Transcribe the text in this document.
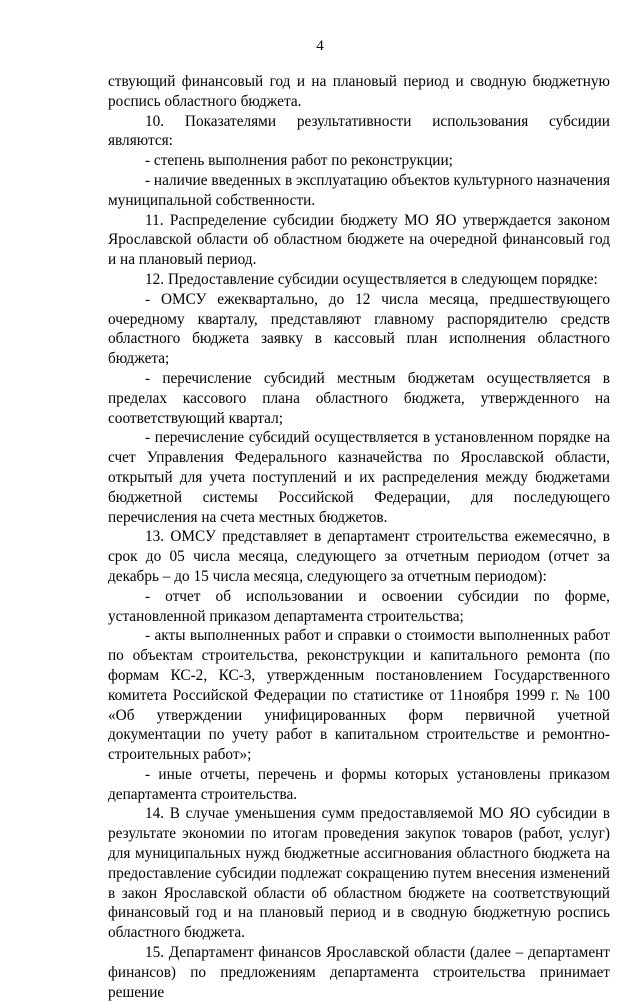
4

ствующий финансовый год и на плановый период и сводную бюджетную роспись областного бюджета.

10. Показателями результативности использования субсидии являются:

- степень выполнения работ по реконструкции;

- наличие введенных в эксплуатацию объектов культурного назначения муниципальной собственности.

11. Распределение субсидии бюджету МО ЯО утверждается законом Ярославской области об областном бюджете на очередной финансовый год и на плановый период.

12. Предоставление субсидии осуществляется в следующем порядке:

- ОМСУ ежеквартально, до 12 числа месяца, предшествующего очередному кварталу, представляют главному распорядителю средств областного бюджета заявку в кассовый план исполнения областного бюджета;

- перечисление субсидий местным бюджетам осуществляется в пределах кассового плана областного бюджета, утвержденного на соответствующий квартал;

- перечисление субсидий осуществляется в установленном порядке на счет Управления Федерального казначейства по Ярославской области, открытый для учета поступлений и их распределения между бюджетами бюджетной системы Российской Федерации, для последующего перечисления на счета местных бюджетов.

13. ОМСУ представляет в департамент строительства ежемесячно, в срок до 05 числа месяца, следующего за отчетным периодом (отчет за декабрь – до 15 числа месяца, следующего за отчетным периодом):

- отчет об использовании и освоении субсидии по форме, установленной приказом департамента строительства;

- акты выполненных работ и справки о стоимости выполненных работ по объектам строительства, реконструкции и капитального ремонта (по формам КС-2, КС-3, утвержденным постановлением Государственного комитета Российской Федерации по статистике от 11ноября 1999 г. № 100 «Об утверждении унифицированных форм первичной учетной документации по учету работ в капитальном строительстве и ремонтно-строительных работ»;

- иные отчеты, перечень и формы которых установлены приказом департамента строительства.

14. В случае уменьшения сумм предоставляемой МО ЯО субсидии в результате экономии по итогам проведения закупок товаров (работ, услуг) для муниципальных нужд бюджетные ассигнования областного бюджета на предоставление субсидии подлежат сокращению путем внесения изменений в закон Ярославской области об областном бюджете на соответствующий финансовый год и на плановый период и в сводную бюджетную роспись областного бюджета.

15. Департамент финансов Ярославской области (далее – департамент финансов) по предложениям департамента строительства принимает решение
